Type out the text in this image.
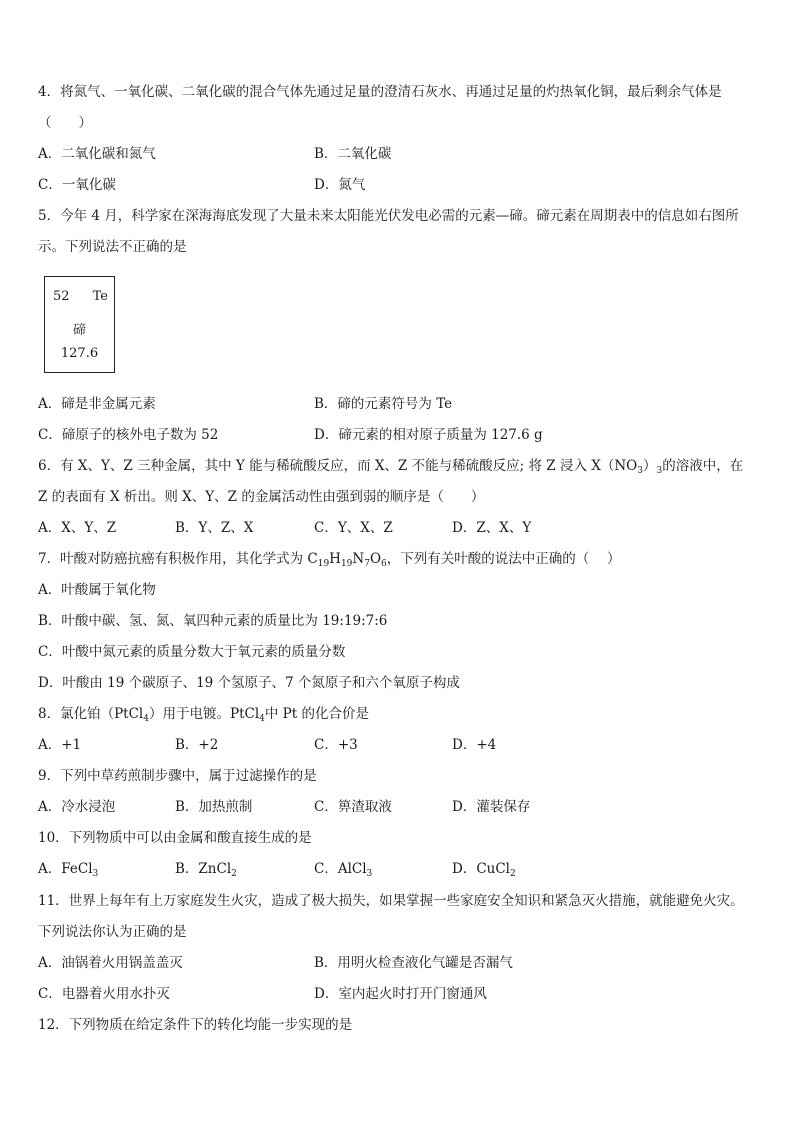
4．将氮气、一氧化碳、二氧化碳的混合气体先通过足量的澄清石灰水、再通过足量的灼热氧化铜，最后剩余气体是
（　　）
A．二氧化碳和氮气	B．二氧化碳
C．一氧化碳	D．氮气
5．今年 4 月，科学家在深海海底发现了大量未来太阳能光伏发电必需的元素—碲。碲元素在周期表中的信息如右图所
示。下列说法不正确的是
52 Te
碲
127.6
A．碲是非金属元素	B．碲的元素符号为 Te
C．碲原子的核外电子数为 52	D．碲元素的相对原子质量为 127.6 g
6．有 X、Y、Z 三种金属，其中 Y 能与稀硫酸反应，而 X、Z 不能与稀硫酸反应; 将 Z 浸入 $X(NO_3)_3$的溶液中，在
Z 的表面有 X 析出。则 X、Y、Z 的金属活动性由强到弱的顺序是（　　）
A．X、Y、Z	B．Y、Z、X	C．Y、X、Z	D．Z、X、Y
7．叶酸对防癌抗癌有积极作用，其化学式为 $C_{19}H_{19}N_7O_6$，下列有关叶酸的说法中正确的（　 ）
A．叶酸属于氧化物
B．叶酸中碳、氢、氮、氧四种元素的质量比为 19:19:7:6
C．叶酸中氮元素的质量分数大于氧元素的质量分数
D．叶酸由 19 个碳原子、19 个氢原子、7 个氮原子和六个氧原子构成
8．氯化铂（PtCl$_4$）用于电镀。PtCl$_4$中 Pt 的化合价是
A．+1	B．+2	C．+3	D．+4
9．下列中草药煎制步骤中，属于过滤操作的是
A．冷水浸泡	B．加热煎制	C．箅渣取液	D．灌装保存
10．下列物质中可以由金属和酸直接生成的是
A．FeCl$_3$	B．ZnCl$_2$	C．AlCl$_3$	D．CuCl$_2$
11．世界上每年有上万家庭发生火灾，造成了极大损失，如果掌握一些家庭安全知识和紧急灭火措施，就能避免火灾。
下列说法你认为正确的是
A．油锅着火用锅盖盖灭	B．用明火检查液化气罐是否漏气
C．电器着火用水扑灭	D．室内起火时打开门窗通风
12．下列物质在给定条件下的转化均能一步实现的是
